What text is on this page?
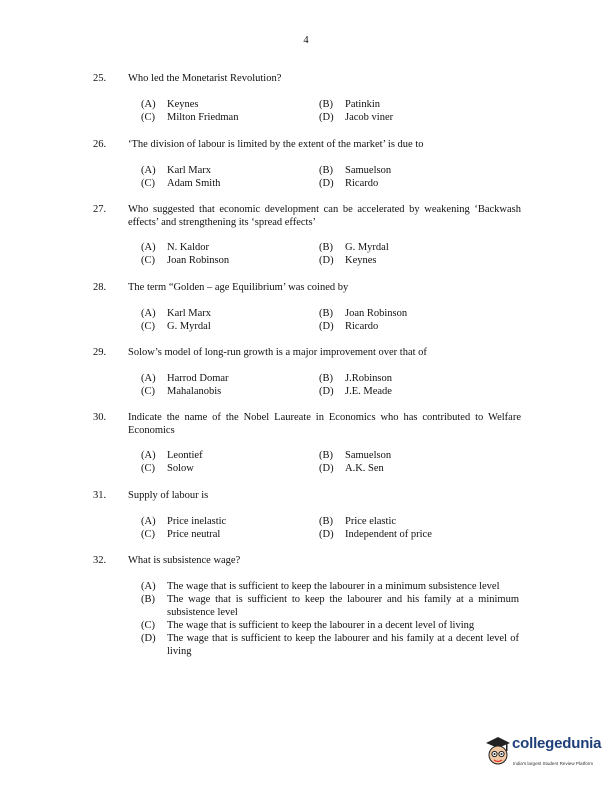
4
25.	Who led the Monetarist Revolution?
(A) Keynes	(B) Patinkin
(C) Milton Friedman	(D) Jacob viner
26.	‘The division of labour is limited by the extent of the market’ is due to
(A) Karl Marx	(B) Samuelson
(C) Adam Smith	(D) Ricardo
27.	Who suggested that economic development can be accelerated by weakening ‘Backwash effects’ and strengthening its ‘spread effects’
(A) N. Kaldor	(B) G. Myrdal
(C) Joan Robinson	(D) Keynes
28.	The term “Golden – age Equilibrium’ was coined by
(A) Karl Marx	(B) Joan Robinson
(C) G. Myrdal	(D) Ricardo
29.	Solow’s model of long-run growth is a major improvement over that of
(A) Harrod Domar	(B) J.Robinson
(C) Mahalanobis	(D) J.E. Meade
30.	Indicate the name of the Nobel Laureate in Economics who has contributed to Welfare Economics
(A) Leontief	(B) Samuelson
(C) Solow	(D) A.K. Sen
31.	Supply of labour is
(A) Price inelastic	(B) Price elastic
(C) Price neutral	(D) Independent of price
32.	What is subsistence wage?
(A) The wage that is sufficient to keep the labourer in a minimum subsistence level
(B) The wage that is sufficient to keep the labourer and his family at a minimum subsistence level
(C) The wage that is sufficient to keep the labourer in a decent level of living
(D) The wage that is sufficient to keep the labourer and his family at a decent level of living
collegedunia
India's largest Student Review Platform
